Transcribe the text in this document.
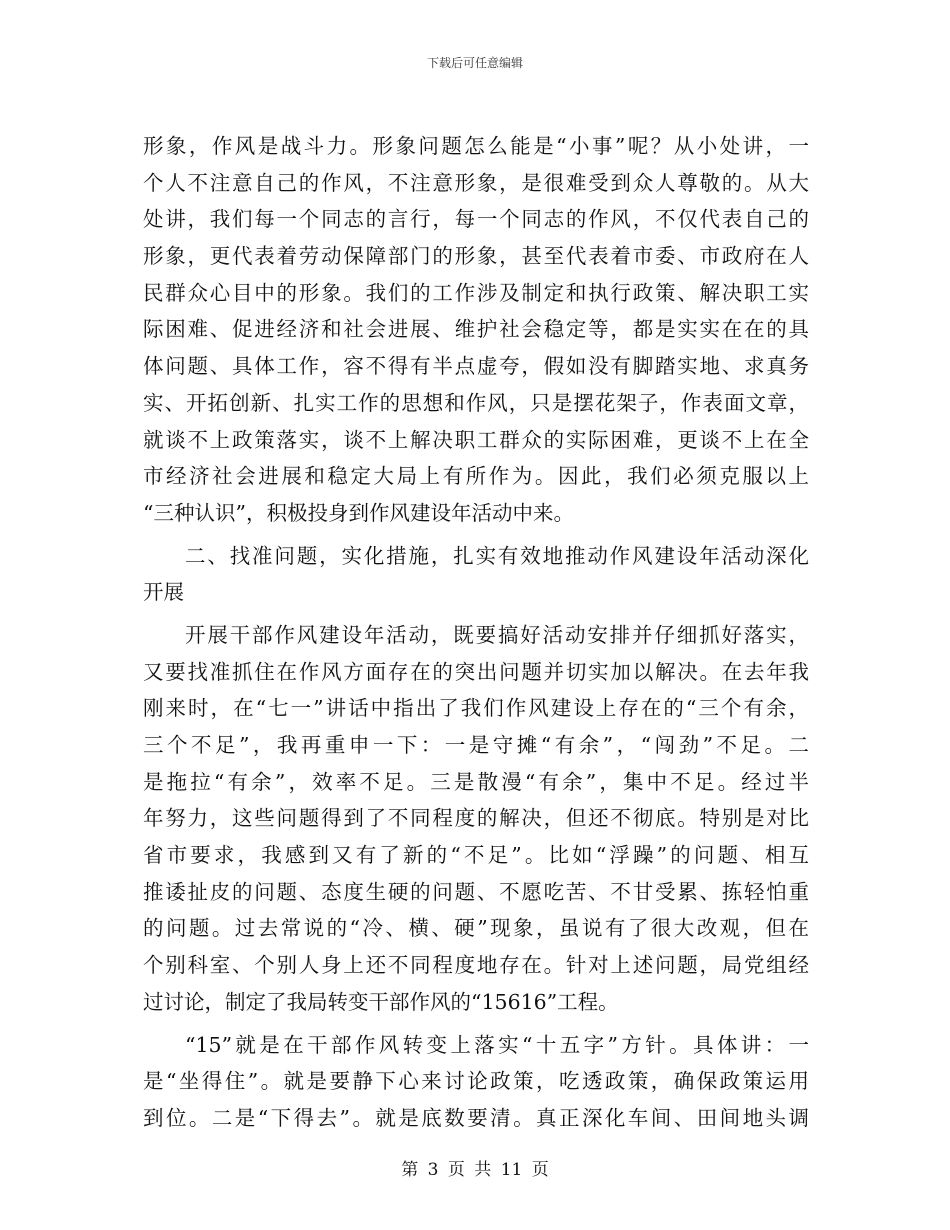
下载后可任意编辑
形象，作风是战斗力。形象问题怎么能是“小事”呢？从小处讲，一
个人不注意自己的作风，不注意形象，是很难受到众人尊敬的。从大
处讲，我们每一个同志的言行，每一个同志的作风，不仅代表自己的
形象，更代表着劳动保障部门的形象，甚至代表着市委、市政府在人
民群众心目中的形象。我们的工作涉及制定和执行政策、解决职工实
际困难、促进经济和社会进展、维护社会稳定等，都是实实在在的具
体问题、具体工作，容不得有半点虚夸，假如没有脚踏实地、求真务
实、开拓创新、扎实工作的思想和作风，只是摆花架子，作表面文章，
就谈不上政策落实，谈不上解决职工群众的实际困难，更谈不上在全
市经济社会进展和稳定大局上有所作为。因此，我们必须克服以上
“三种认识”，积极投身到作风建设年活动中来。
二、找准问题，实化措施，扎实有效地推动作风建设年活动深化
开展
开展干部作风建设年活动，既要搞好活动安排并仔细抓好落实，
又要找准抓住在作风方面存在的突出问题并切实加以解决。在去年我
刚来时，在“七一”讲话中指出了我们作风建设上存在的“三个有余，
三个不足”，我再重申一下：一是守摊“有余”，“闯劲”不足。二
是拖拉“有余”，效率不足。三是散漫“有余”，集中不足。经过半
年努力，这些问题得到了不同程度的解决，但还不彻底。特别是对比
省市要求，我感到又有了新的“不足”。比如“浮躁”的问题、相互
推诿扯皮的问题、态度生硬的问题、不愿吃苦、不甘受累、拣轻怕重
的问题。过去常说的“冷、横、硬”现象，虽说有了很大改观，但在
个别科室、个别人身上还不同程度地存在。针对上述问题，局党组经
过讨论，制定了我局转变干部作风的“15616”工程。
“15”就是在干部作风转变上落实“十五字”方针。具体讲：一
是“坐得住”。就是要静下心来讨论政策，吃透政策，确保政策运用
到位。二是“下得去”。就是底数要清。真正深化车间、田间地头调
第 3 页 共 11 页
